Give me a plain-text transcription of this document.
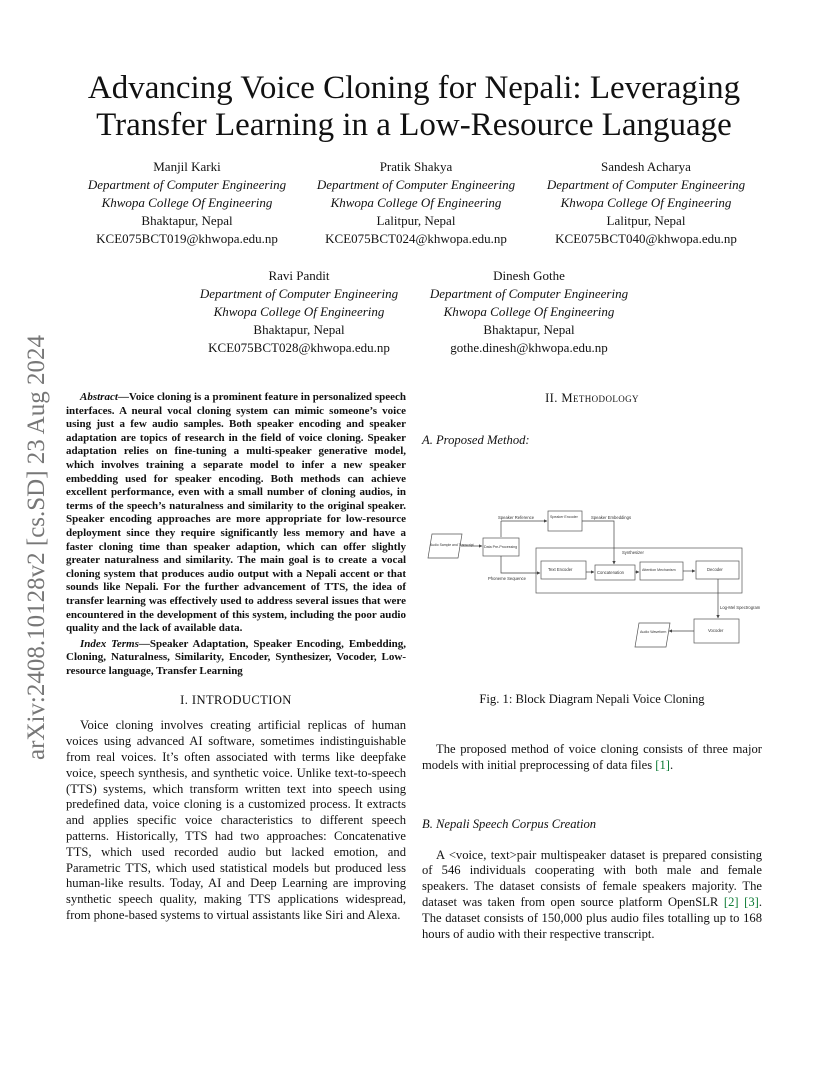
arXiv:2408.10128v2 [cs.SD] 23 Aug 2024
Advancing Voice Cloning for Nepali: Leveraging
Transfer Learning in a Low-Resource Language
Manjil Karki
Department of Computer Engineering
Khwopa College Of Engineering
Bhaktapur, Nepal
KCE075BCT019@khwopa.edu.np
Pratik Shakya
Department of Computer Engineering
Khwopa College Of Engineering
Lalitpur, Nepal
KCE075BCT024@khwopa.edu.np
Sandesh Acharya
Department of Computer Engineering
Khwopa College Of Engineering
Lalitpur, Nepal
KCE075BCT040@khwopa.edu.np
Ravi Pandit
Department of Computer Engineering
Khwopa College Of Engineering
Bhaktapur, Nepal
KCE075BCT028@khwopa.edu.np
Dinesh Gothe
Department of Computer Engineering
Khwopa College Of Engineering
Bhaktapur, Nepal
gothe.dinesh@khwopa.edu.np

Abstract—Voice cloning is a prominent feature in personalized speech interfaces. A neural vocal cloning system can mimic someone’s voice using just a few audio samples. Both speaker encoding and speaker adaptation are topics of research in the field of voice cloning. Speaker adaptation relies on fine-tuning a multi-speaker generative model, which involves training a separate model to infer a new speaker embedding used for speaker encoding. Both methods can achieve excellent performance, even with a small number of cloning audios, in terms of the speech’s naturalness and similarity to the original speaker. Speaker encoding approaches are more appropriate for low-resource deployment since they require significantly less memory and have a faster cloning time than speaker adaption, which can offer slightly greater naturalness and similarity. The main goal is to create a vocal cloning system that produces audio output with a Nepali accent or that sounds like Nepali. For the further advancement of TTS, the idea of transfer learning was effectively used to address several issues that were encountered in the development of this system, including the poor audio quality and the lack of available data.

Index Terms—Speaker Adaptation, Speaker Encoding, Embedding, Cloning, Naturalness, Similarity, Encoder, Synthesizer, Vocoder, Low-resource language, Transfer Learning

I. INTRODUCTION

Voice cloning involves creating artificial replicas of human voices using advanced AI software, sometimes indistinguishable from real voices. It’s often associated with terms like deepfake voice, speech synthesis, and synthetic voice. Unlike text-to-speech (TTS) systems, which transform written text into speech using predefined data, voice cloning is a customized process. It extracts and applies specific voice characteristics to different speech patterns. Historically, TTS had two approaches: Concatenative TTS, which used recorded audio but lacked emotion, and Parametric TTS, which used statistical models but produced less human-like results. Today, AI and Deep Learning are improving synthetic speech quality, making TTS applications widespread, from phone-based systems to virtual assistants like Siri and Alexa.

II. Methodology
A. Proposed Method:
Speaker Reference	Speaker Encoder	Speaker Embeddings
Audio Sample and Transcript	Data Pre-Processing
Synthesizer
Text Encoder
Concatenation	Attention Mechanism	Decoder
Phoneme Sequence
Log-Mel Spectrogram
Vocoder
Audio Waveform
Fig. 1: Block Diagram Nepali Voice Cloning

The proposed method of voice cloning consists of three major models with initial preprocessing of data files [1].

B. Nepali Speech Corpus Creation

A <voice, text>pair multispeaker dataset is prepared consisting of 546 individuals cooperating with both male and female speakers. The dataset consists of female speakers majority. The dataset was taken from open source platform OpenSLR [2] [3]. The dataset consists of 150,000 plus audio files totalling up to 168 hours of audio with their respective transcript.
